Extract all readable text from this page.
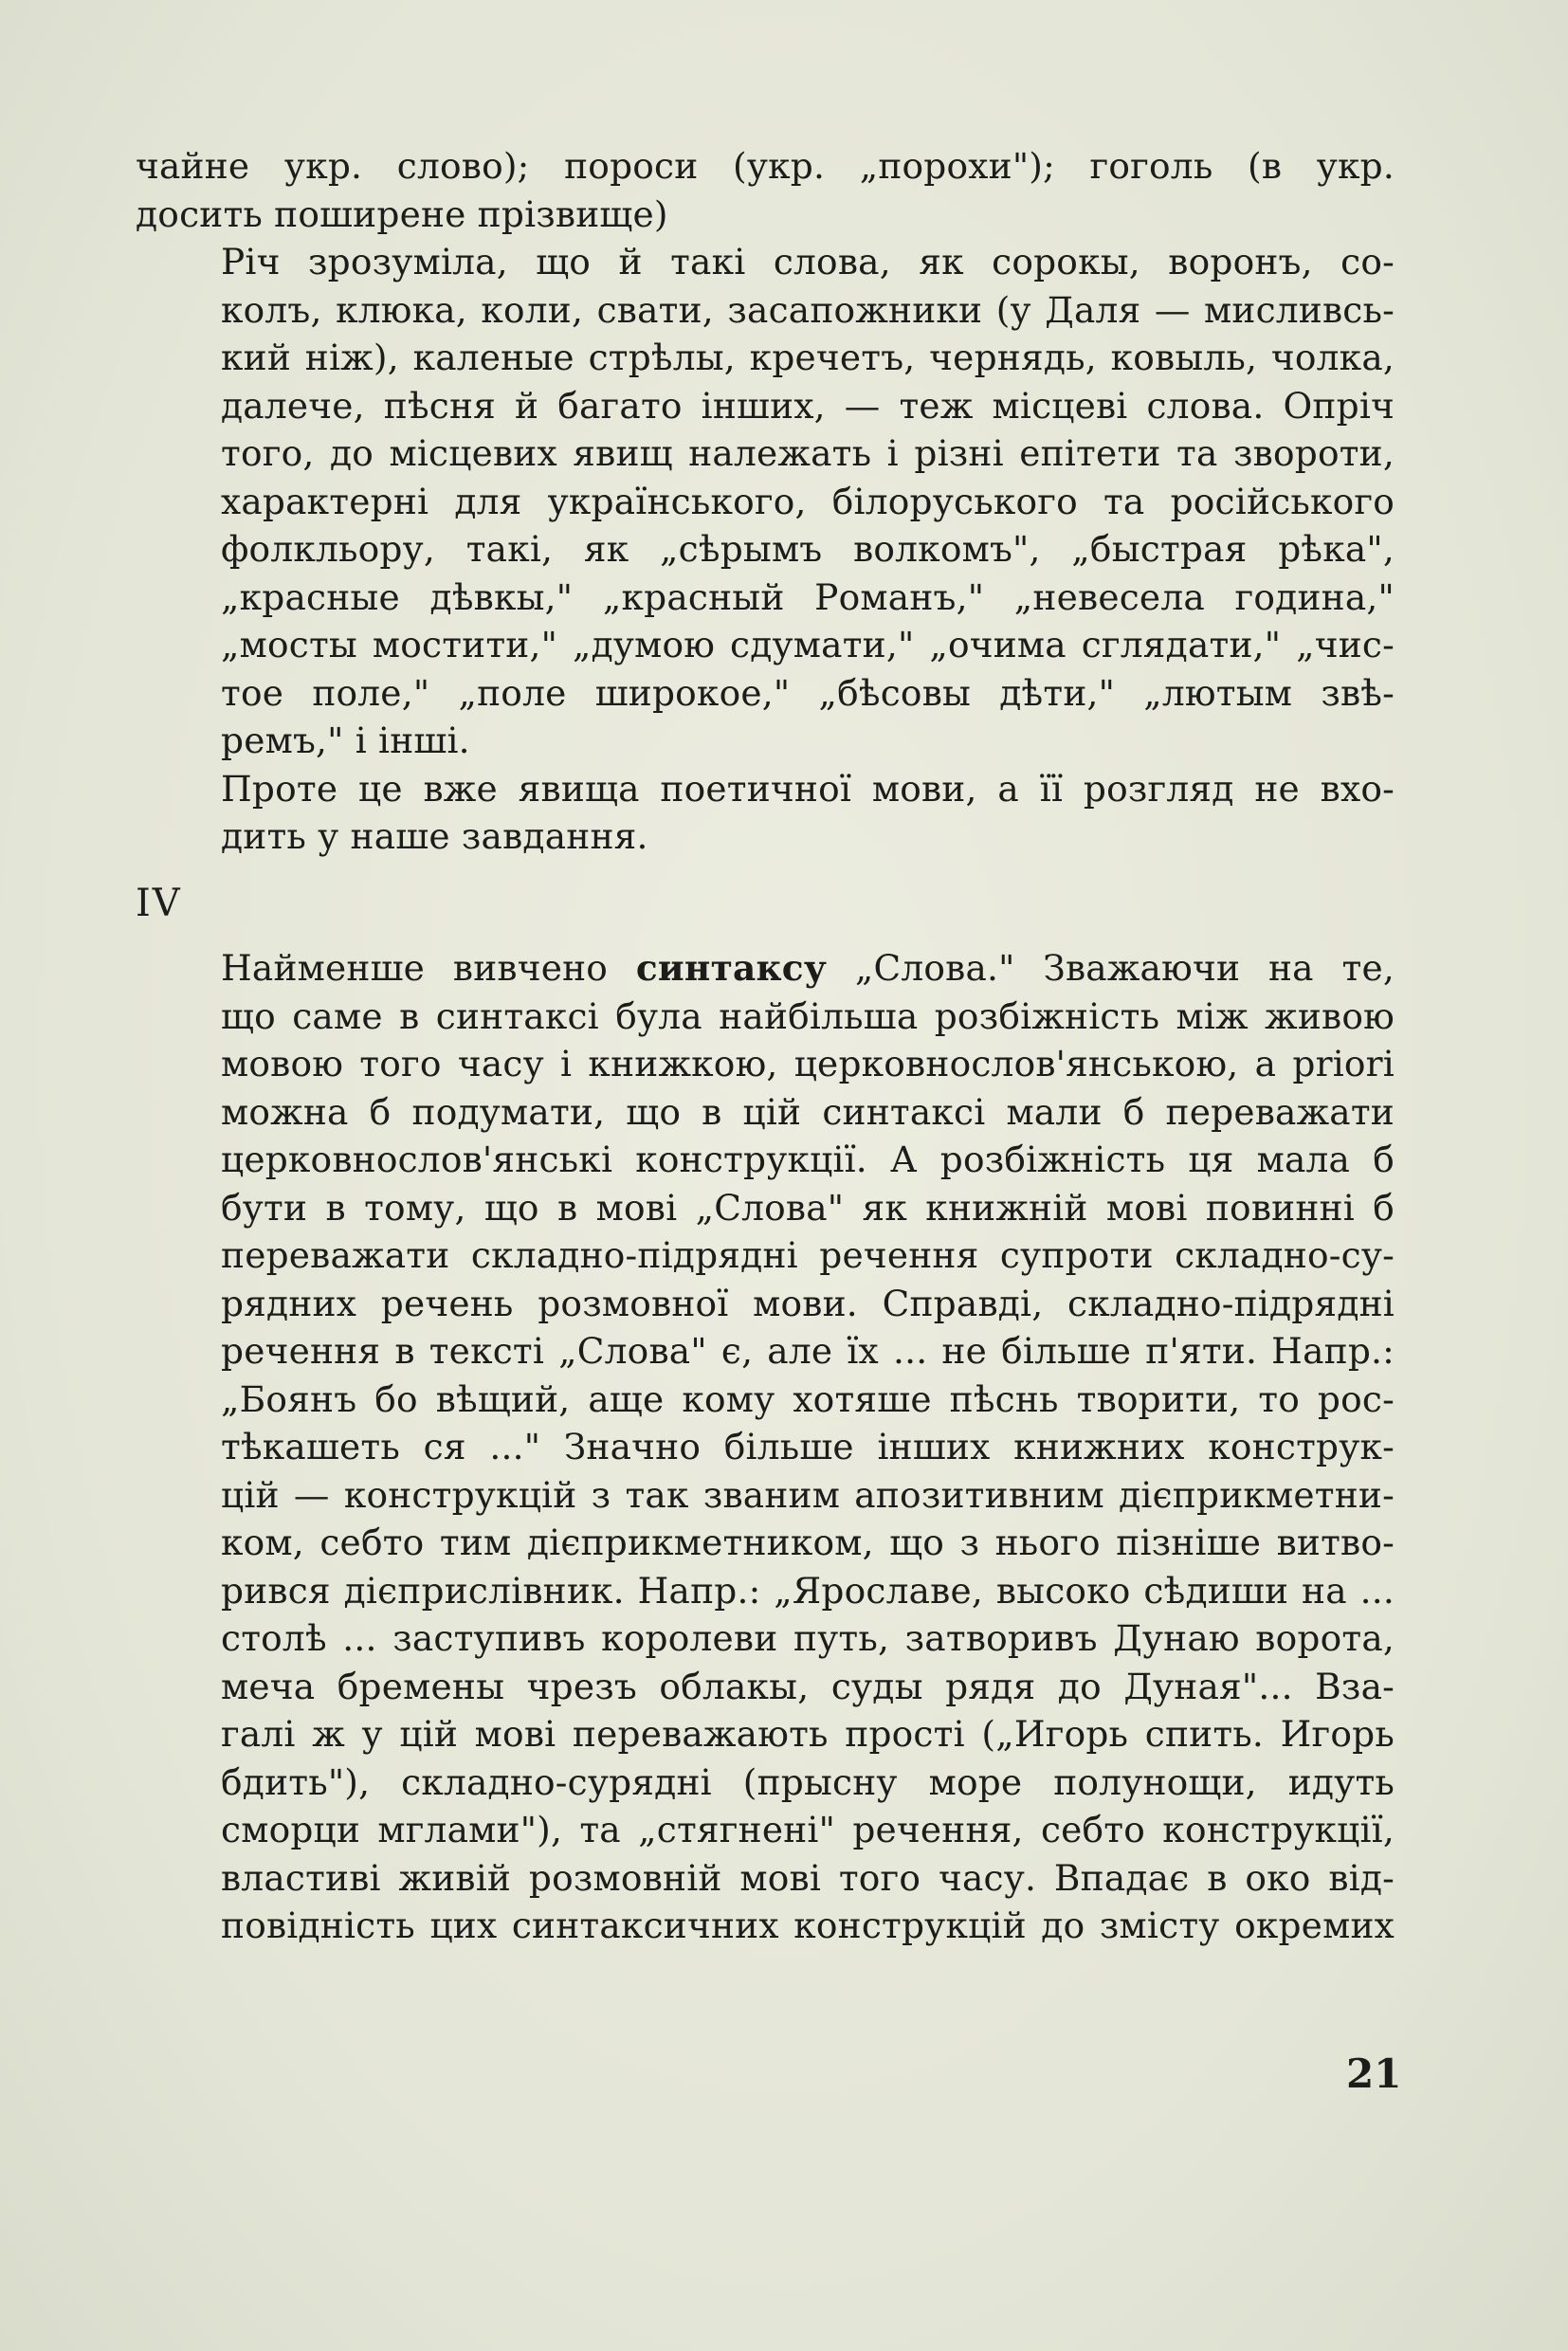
чайне укр. слово); пороси (укр. „порохи"); гоголь (в укр.
досить поширене прізвище)

Річ зрозуміла, що й такі слова, як сорокы, воронъ, со-
колъ, клюка, коли, свати, засапожники (у Даля — мисливсь-
кий ніж), каленые стрѣлы, кречетъ, чернядь, ковыль, чолка,
далече, пѣсня й багато інших, — теж місцеві слова. Опріч
того, до місцевих явищ належать і різні епітети та звороти,
характерні для українського, білоруського та російського
фолкльору, такі, як „сѣрымъ волкомъ", „быстрая рѣка",
„красные дѣвкы," „красный Романъ," „невесела година,"
„мосты мостити," „думою сдумати," „очима сглядати," „чис-
тое поле," „поле широкое," „бѣсовы дѣти," „лютым звѣ-
ремъ," і інші.

Проте це вже явища поетичної мови, а її розгляд не вхо-
дить у наше завдання.

IV

Найменше вивчено синтаксу „Слова." Зважаючи на те,
що саме в синтаксі була найбільша розбіжність між живою
мовою того часу і книжкою, церковнослов'янською, a priori
можна б подумати, що в цій синтаксі мали б переважати
церковнослов'янські конструкції. А розбіжність ця мала б
бути в тому, що в мові „Слова" як книжній мові повинні б
переважати складно-підрядні речення супроти складно-су-
рядних речень розмовної мови. Справді, складно-підрядні
речення в тексті „Слова" є, але їх ... не більше п'яти. Напр.:
„Боянъ бо вѣщий, аще кому хотяше пѣснь творити, то рос-
тѣкашеть ся ..." Значно більше інших книжних конструк-
цій — конструкцій з так званим апозитивним дієприкметни-
ком, себто тим дієприкметником, що з нього пізніше витво-
рився дієприслівник. Напр.: „Ярославе, высоко сѣдиши на ...
столѣ ... заступивъ королеви путь, затворивъ Дунаю ворота,
меча бремены чрезъ облакы, суды рядя до Дуная"... Вза-
галі ж у цій мові переважають прості („Игорь спить. Игорь
бдить"), складно-сурядні (прысну море полунощи, идуть
сморци мглами"), та „стягнені" речення, себто конструкції,
властиві живій розмовній мові того часу. Впадає в око від-
повідність цих синтаксичних конструкцій до змісту окремих

21
